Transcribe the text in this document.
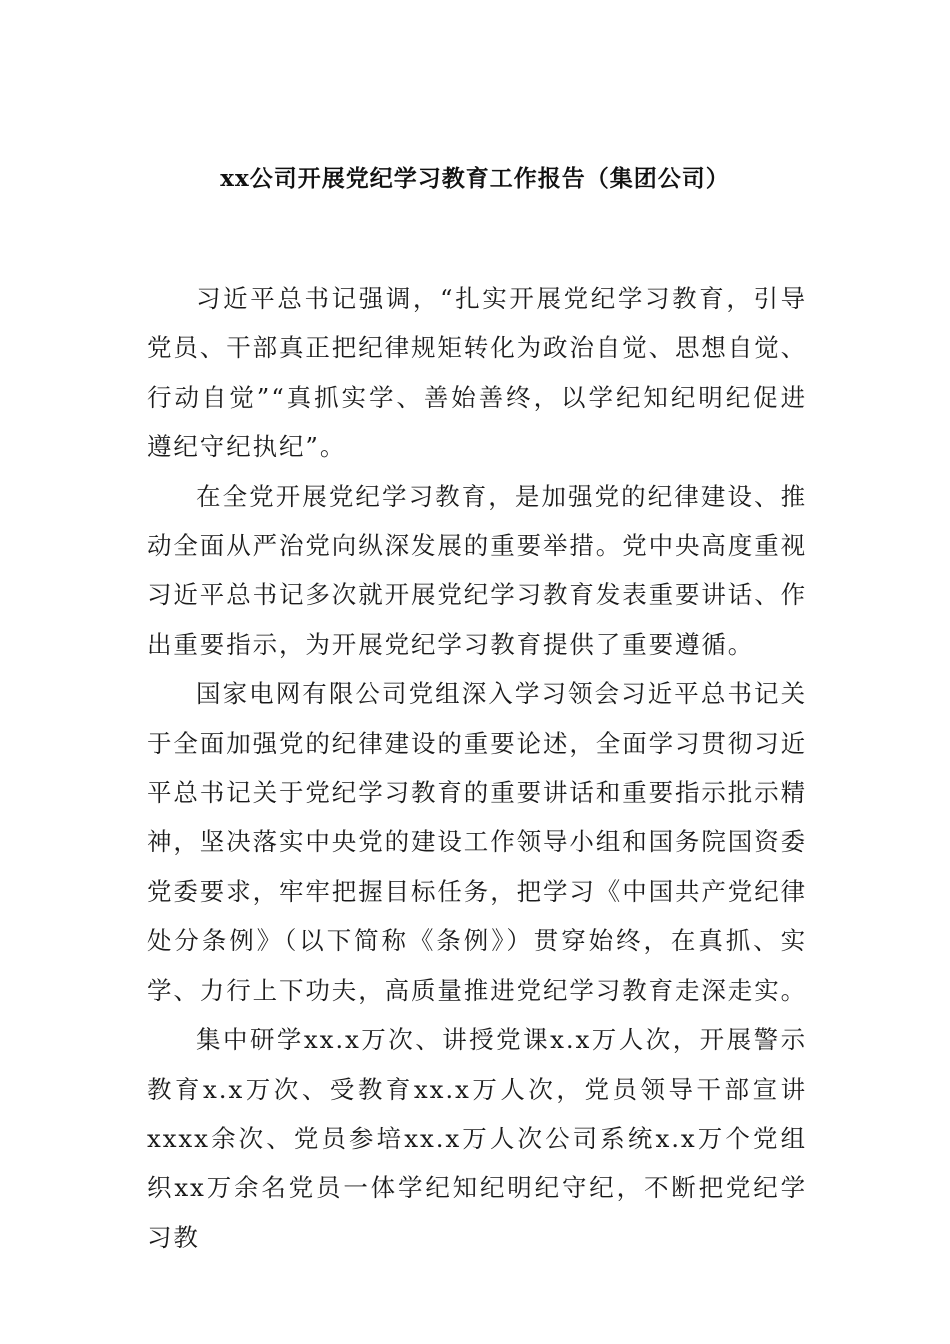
xx公司开展党纪学习教育工作报告（集团公司）

习近平总书记强调，“扎实开展党纪学习教育，引导党员、干部真正把纪律规矩转化为政治自觉、思想自觉、行动自觉”“真抓实学、善始善终，以学纪知纪明纪促进遵纪守纪执纪”。

在全党开展党纪学习教育，是加强党的纪律建设、推动全面从严治党向纵深发展的重要举措。党中央高度重视习近平总书记多次就开展党纪学习教育发表重要讲话、作出重要指示，为开展党纪学习教育提供了重要遵循。

国家电网有限公司党组深入学习领会习近平总书记关于全面加强党的纪律建设的重要论述，全面学习贯彻习近平总书记关于党纪学习教育的重要讲话和重要指示批示精神，坚决落实中央党的建设工作领导小组和国务院国资委党委要求，牢牢把握目标任务，把学习《中国共产党纪律处分条例》（以下简称《条例》）贯穿始终，在真抓、实学、力行上下功夫，高质量推进党纪学习教育走深走实。

集中研学xx.x万次、讲授党课x.x万人次，开展警示教育x.x万次、受教育xx.x万人次，党员领导干部宣讲xxxx余次、党员参培xx.x万人次公司系统x.x万个党组织xx万余名党员一体学纪知纪明纪守纪，不断把党纪学习教
